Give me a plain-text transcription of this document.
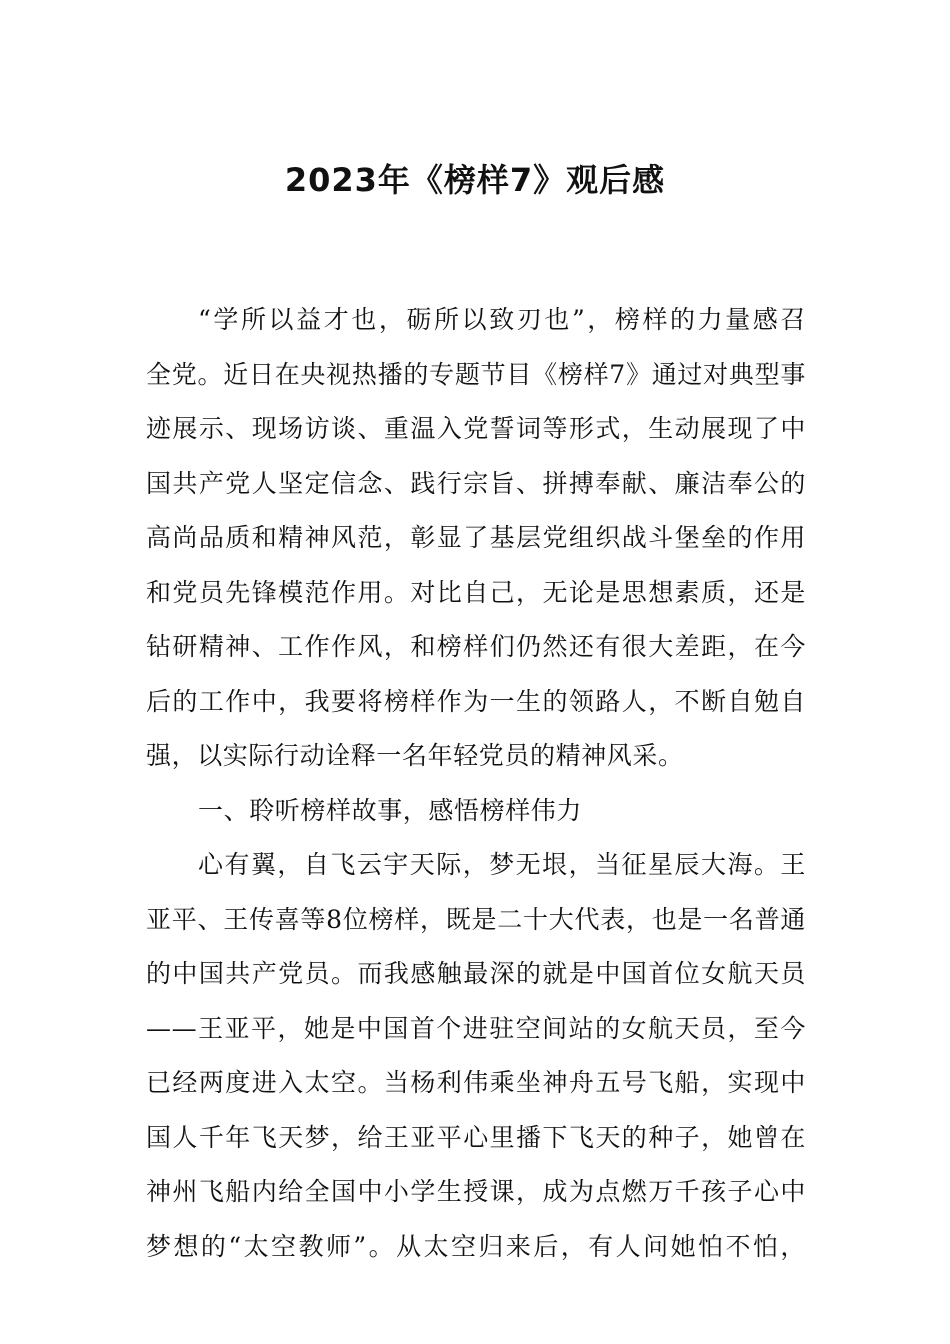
2023年《榜样7》观后感
“学所以益才也，砺所以致刃也”，榜样的力量感召
全党。近日在央视热播的专题节目《榜样7》通过对典型事
迹展示、现场访谈、重温入党誓词等形式，生动展现了中
国共产党人坚定信念、践行宗旨、拼搏奉献、廉洁奉公的
高尚品质和精神风范，彰显了基层党组织战斗堡垒的作用
和党员先锋模范作用。对比自己，无论是思想素质，还是
钻研精神、工作作风，和榜样们仍然还有很大差距，在今
后的工作中，我要将榜样作为一生的领路人，不断自勉自
强，以实际行动诠释一名年轻党员的精神风采。
一、聆听榜样故事，感悟榜样伟力
心有翼，自飞云宇天际，梦无垠，当征星辰大海。王
亚平、王传喜等8位榜样，既是二十大代表，也是一名普通
的中国共产党员。而我感触最深的就是中国首位女航天员
——王亚平，她是中国首个进驻空间站的女航天员，至今
已经两度进入太空。当杨利伟乘坐神舟五号飞船，实现中
国人千年飞天梦，给王亚平心里播下飞天的种子，她曾在
神州飞船内给全国中小学生授课，成为点燃万千孩子心中
梦想的“太空教师”。从太空归来后，有人问她怕不怕，
